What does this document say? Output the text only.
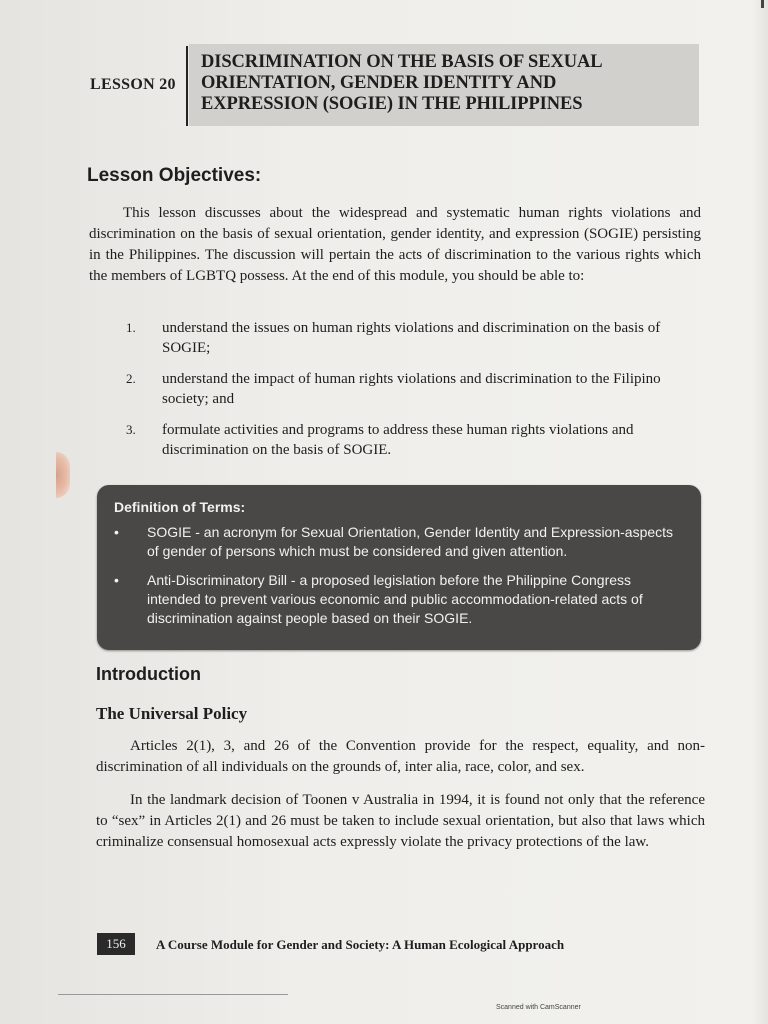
LESSON 20
DISCRIMINATION ON THE BASIS OF SEXUAL
ORIENTATION, GENDER IDENTITY AND
EXPRESSION (SOGIE) IN THE PHILIPPINES
Lesson Objectives:

This lesson discusses about the widespread and systematic human rights violations and discrimination on the basis of sexual orientation, gender identity, and expression (SOGIE) persisting in the Philippines. The discussion will pertain the acts of discrimination to the various rights which the members of LGBTQ possess. At the end of this module, you should be able to:

1.	understand the issues on human rights violations and discrimination on the basis of SOGIE;
2.	understand the impact of human rights violations and discrimination to the Filipino society; and
3.	formulate activities and programs to address these human rights violations and discrimination on the basis of SOGIE.
Definition of Terms:
•	SOGIE - an acronym for Sexual Orientation, Gender Identity and Expression-aspects of gender of persons which must be considered and given attention.
•	Anti-Discriminatory Bill - a proposed legislation before the Philippine Congress intended to prevent various economic and public accommodation-related acts of discrimination against people based on their SOGIE.
Introduction
The Universal Policy

Articles 2(1), 3, and 26 of the Convention provide for the respect, equality, and non-discrimination of all individuals on the grounds of, inter alia, race, color, and sex.

In the landmark decision of Toonen v Australia in 1994, it is found not only that the reference to “sex” in Articles 2(1) and 26 must be taken to include sexual orientation, but also that laws which criminalize consensual homosexual acts expressly violate the privacy protections of the law.

156	A Course Module for Gender and Society: A Human Ecological Approach
Scanned with CamScanner
